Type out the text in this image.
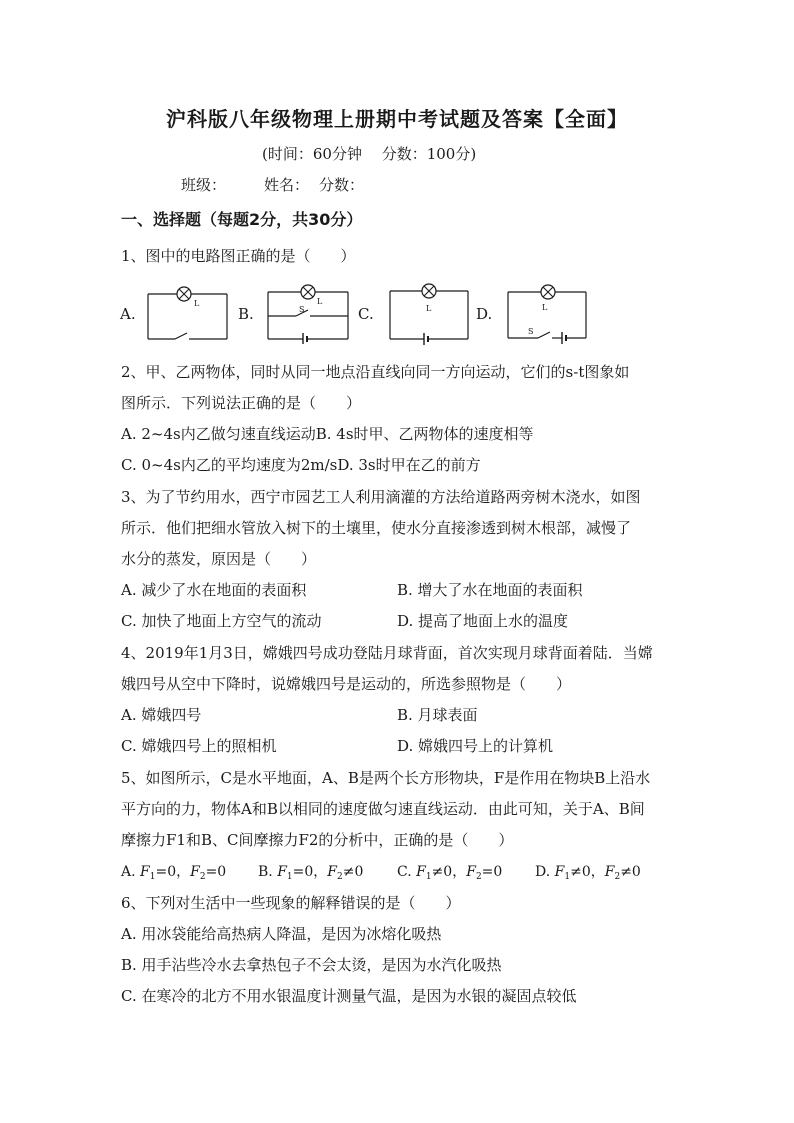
沪科版八年级物理上册期中考试题及答案【全面】
(时间：60分钟　 分数：100分)
班级：	姓名： 分数：
一、选择题（每题2分，共30分）
1、图中的电路图正确的是（　　）
A.	B.	C.	D.
L	L
S	L	L
S
2、甲、乙两物体，同时从同一地点沿直线向同一方向运动，它们的s-t图象如
图所示．下列说法正确的是（　　）
A. 2~4s内乙做匀速直线运动B. 4s时甲、乙两物体的速度相等
C. 0~4s内乙的平均速度为2m/sD. 3s时甲在乙的前方
3、为了节约用水，西宁市园艺工人利用滴灌的方法给道路两旁树木浇水，如图
所示．他们把细水管放入树下的土壤里，使水分直接渗透到树木根部，减慢了
水分的蒸发，原因是（　　）
A. 减少了水在地面的表面积	B. 增大了水在地面的表面积
C. 加快了地面上方空气的流动	D. 提高了地面上水的温度
4、2019年1月3日，嫦娥四号成功登陆月球背面，首次实现月球背面着陆．当嫦
娥四号从空中下降时，说嫦娥四号是运动的，所选参照物是（　　）
A. 嫦娥四号	B. 月球表面
C. 嫦娥四号上的照相机	D. 嫦娥四号上的计算机
5、如图所示，C是水平地面，A、B是两个长方形物块，F是作用在物块B上沿水
平方向的力，物体A和B以相同的速度做匀速直线运动．由此可知，关于A、B间
摩擦力F1和B、C间摩擦力F2的分析中，正确的是（　　）
A. $F_1=0$，$F_2=0$ B. $F_1=0$，$F_2\ne 0$ C. $F_1\ne 0$，$F_2=0$ D. $F_1\ne 0$，$F_2\ne 0$
6、下列对生活中一些现象的解释错误的是（　　）
A. 用冰袋能给高热病人降温，是因为冰熔化吸热
B. 用手沾些冷水去拿热包子不会太烫，是因为水汽化吸热
C. 在寒冷的北方不用水银温度计测量气温，是因为水银的凝固点较低
